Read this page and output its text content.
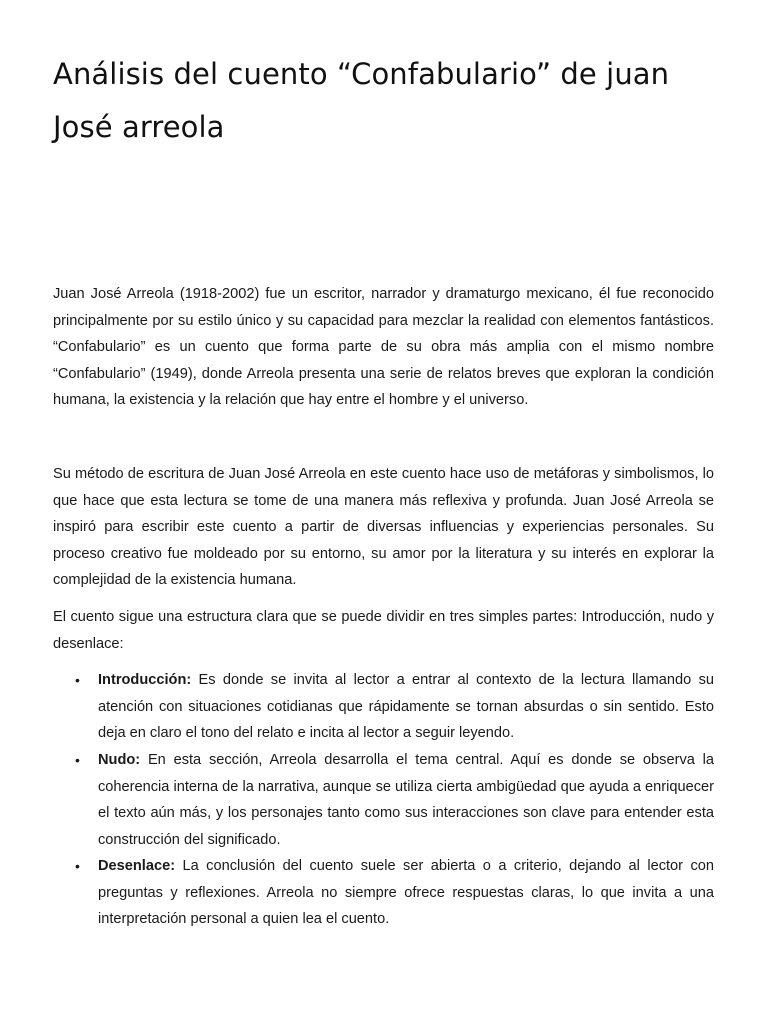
Análisis del cuento “Confabulario” de juan José arreola

Juan José Arreola (1918-2002) fue un escritor, narrador y dramaturgo mexicano, él fue reconocido principalmente por su estilo único y su capacidad para mezclar la realidad con elementos fantásticos. “Confabulario” es un cuento que forma parte de su obra más amplia con el mismo nombre “Confabulario” (1949), donde Arreola presenta una serie de relatos breves que exploran la condición humana, la existencia y la relación que hay entre el hombre y el universo.

Su método de escritura de Juan José Arreola en este cuento hace uso de metáforas y simbolismos, lo que hace que esta lectura se tome de una manera más reflexiva y profunda. Juan José Arreola se inspiró para escribir este cuento a partir de diversas influencias y experiencias personales. Su proceso creativo fue moldeado por su entorno, su amor por la literatura y su interés en explorar la complejidad de la existencia humana.

El cuento sigue una estructura clara que se puede dividir en tres simples partes: Introducción, nudo y desenlace:

• Introducción: Es donde se invita al lector a entrar al contexto de la lectura llamando su atención con situaciones cotidianas que rápidamente se tornan absurdas o sin sentido. Esto deja en claro el tono del relato e incita al lector a seguir leyendo.
• Nudo: En esta sección, Arreola desarrolla el tema central. Aquí es donde se observa la coherencia interna de la narrativa, aunque se utiliza cierta ambigüedad que ayuda a enriquecer el texto aún más, y los personajes tanto como sus interacciones son clave para entender esta construcción del significado.
• Desenlace: La conclusión del cuento suele ser abierta o a criterio, dejando al lector con preguntas y reflexiones. Arreola no siempre ofrece respuestas claras, lo que invita a una interpretación personal a quien lea el cuento.
